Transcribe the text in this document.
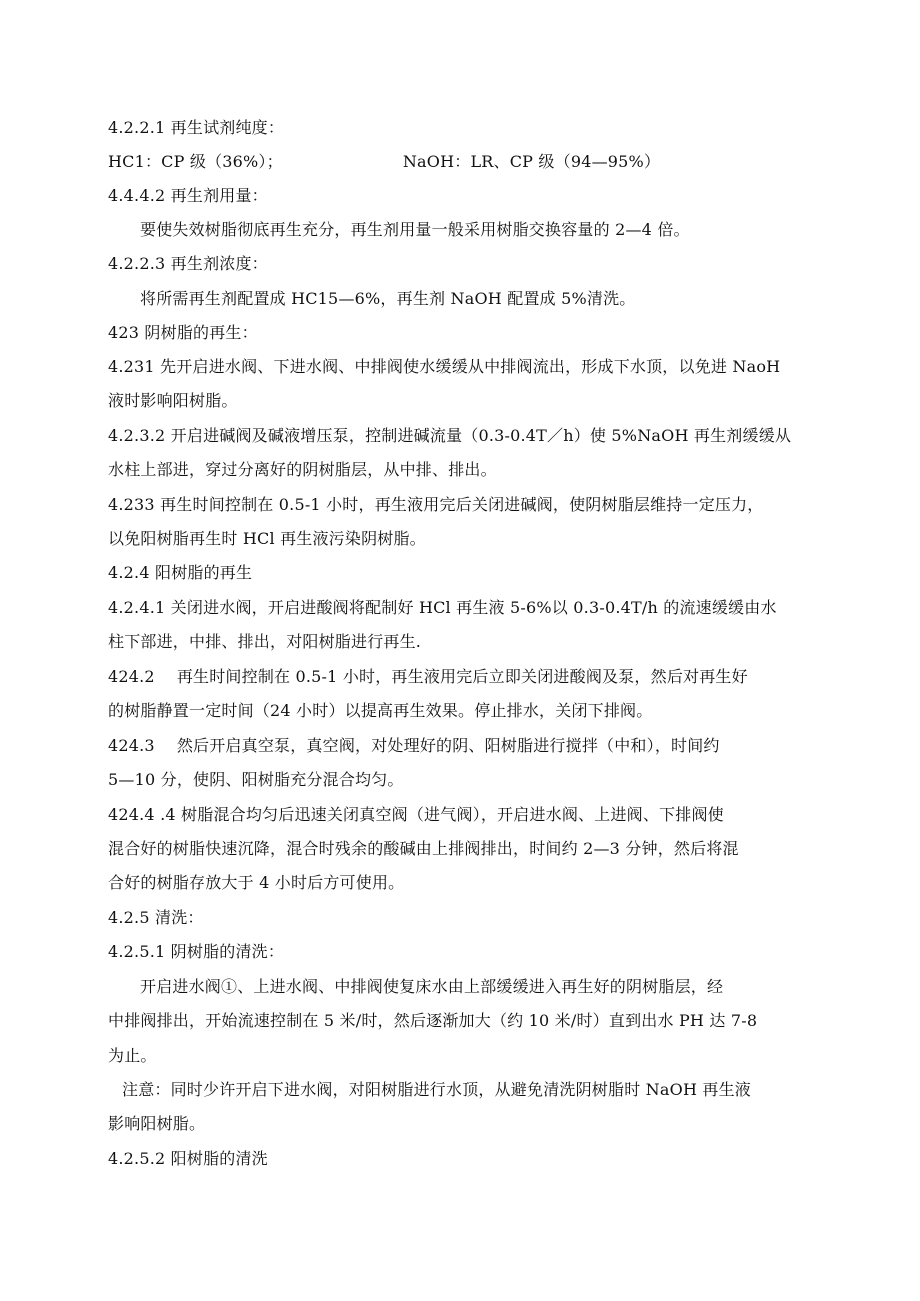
4.2.2.1 再生试剂纯度：
HC1：CP 级（36%）；	NaOH：LR、CP 级（94—95%）
4.4.4.2 再生剂用量：
要使失效树脂彻底再生充分，再生剂用量一般采用树脂交换容量的 2—4 倍。
4.2.2.3 再生剂浓度：
将所需再生剂配置成 HC15—6%，再生剂 NaOH 配置成 5%清洗。
423 阴树脂的再生：
4.231 先开启进水阀、下进水阀、中排阀使水缓缓从中排阀流出，形成下水顶，以免进 NaoH
液时影响阳树脂。
4.2.3.2 开启进碱阀及碱液增压泵，控制进碱流量（0.3-0.4T／h）使 5%NaOH 再生剂缓缓从
水柱上部进，穿过分离好的阴树脂层，从中排、排出。
4.233 再生时间控制在 0.5-1 小时，再生液用完后关闭进碱阀，使阴树脂层维持一定压力，
以免阳树脂再生时 HCl 再生液污染阴树脂。
4.2.4 阳树脂的再生
4.2.4.1 关闭进水阀，开启进酸阀将配制好 HCl 再生液 5-6%以 0.3-0.4T/h 的流速缓缓由水
柱下部进，中排、排出，对阳树脂进行再生.
424.2 再生时间控制在 0.5-1 小时，再生液用完后立即关闭进酸阀及泵，然后对再生好
的树脂静置一定时间（24 小时）以提高再生效果。停止排水，关闭下排阀。
424.3 然后开启真空泵，真空阀，对处理好的阴、阳树脂进行搅拌（中和），时间约
5—10 分，使阴、阳树脂充分混合均匀。
424.4 .4 树脂混合均匀后迅速关闭真空阀（进气阀），开启进水阀、上进阀、下排阀使
混合好的树脂快速沉降，混合时残余的酸碱由上排阀排出，时间约 2—3 分钟，然后将混
合好的树脂存放大于 4 小时后方可使用。
4.2.5 清洗：
4.2.5.1 阴树脂的清洗：
开启进水阀①、上进水阀、中排阀使复床水由上部缓缓进入再生好的阴树脂层，经
中排阀排出，开始流速控制在 5 米/时，然后逐渐加大（约 10 米/时）直到出水 PH 达 7-8
为止。
注意：同时少许开启下进水阀，对阳树脂进行水顶，从避免清洗阴树脂时 NaOH 再生液
影响阳树脂。
4.2.5.2 阳树脂的清洗
